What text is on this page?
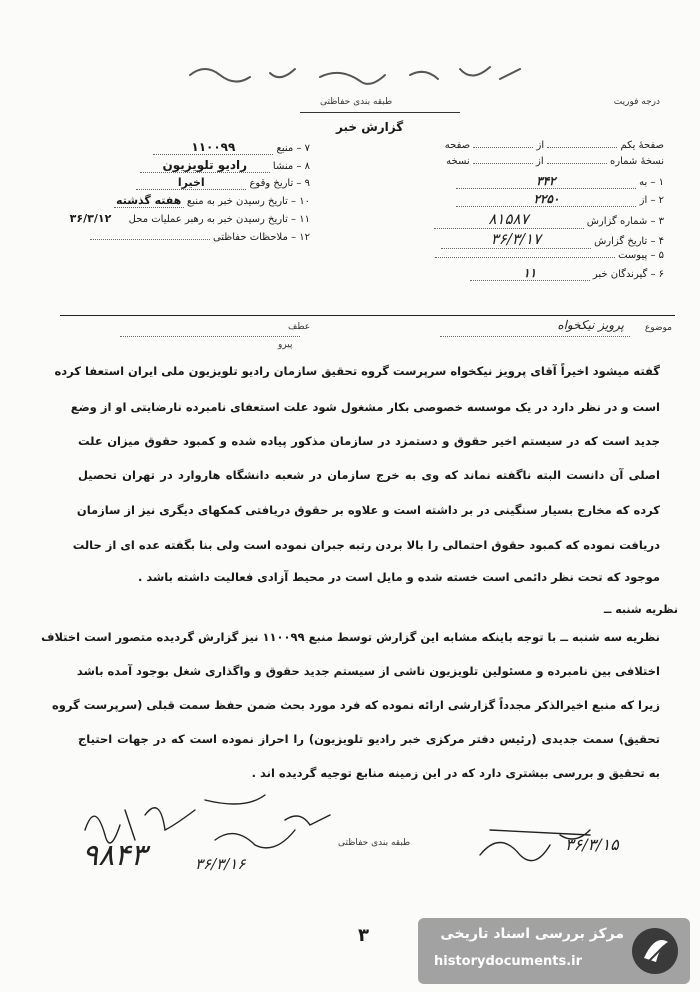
درجه فوریت
طبقه بندی حفاظتی
گزارش خبر
صفحهٔ یکم  از  صفحه
نسخهٔ شماره  از  نسخه
۱ – به ۳۴۲
۲ – از ۲۲۵۰
۳ – شماره گزارش ۸۱۵۸۷
۴ – تاریخ گزارش ۳۶/۳/۱۷
۵ – پیوست
۶ – گیرندگان خبر ۱۱
۷ – منبع ۱۱۰۰۹۹
۸ – منشا رادیو تلویزیون
۹ – تاریخ وقوع اخیرا
۱۰ – تاریخ رسیدن خبر به منبع هفته گذشته
۱۱ – تاریخ رسیدن خبر به رهبر عملیات محل ۳۶/۳/۱۲
۱۲ – ملاحظات حفاظتی
موضوع
پرویز نیکخواه
عطف
پیرو
گفته میشود اخیراً آقای پرویز نیکخواه سرپرست گروه تحقیق سازمان رادیو تلویزیون ملی ایران استعفا کرده
است و در نظر دارد در یک موسسه خصوصی بکار مشغول شود علت استعفای نامبرده نارضایتی او از وضع
جدید است که در سیستم اخیر حقوق و دستمزد در سازمان مذکور پیاده شده و کمبود حقوق میزان علت
اصلی آن دانست البته ناگفته نماند که وی به خرج سازمان در شعبه دانشگاه هاروارد در تهران تحصیل
کرده که مخارج بسیار سنگینی در بر داشته است و علاوه بر حقوق دریافتی کمکهای دیگری نیز از سازمان
دریافت نموده که کمبود حقوق احتمالی را بالا بردن رتبه جبران نموده است ولی بنا بگفته عده ای از حالت
موجود که تحت نظر دائمی است خسته شده و مایل است در محیط آزادی فعالیت داشته باشد .
نظریه شنبه ــ
نظریه سه شنبه ــ با توجه باینکه مشابه این گزارش توسط منبع ۱۱۰۰۹۹ نیز گزارش گردیده متصور است اختلاف
اختلافی بین نامبرده و مسئولین تلویزیون ناشی از سیستم جدید حقوق و واگذاری شغل بوجود آمده باشد
زیرا که منبع اخیرالذکر مجدداً گزارشی ارائه نموده که فرد مورد بحث ضمن حفظ سمت قبلی (سرپرست گروه
تحقیق) سمت جدیدی (رئیس دفتر مرکزی خبر رادیو تلویزیون) را احراز نموده است که در جهات احتیاج
به تحقیق و بررسی بیشتری دارد که در این زمینه منابع توجیه گردیده اند .
۹۸۴۳	طبقه بندی حفاظتی
۳۶/۳/۱۶
۳۶/۳/۱۵
۳	مرکز بررسی اسناد تاریخی
historydocuments.ir
